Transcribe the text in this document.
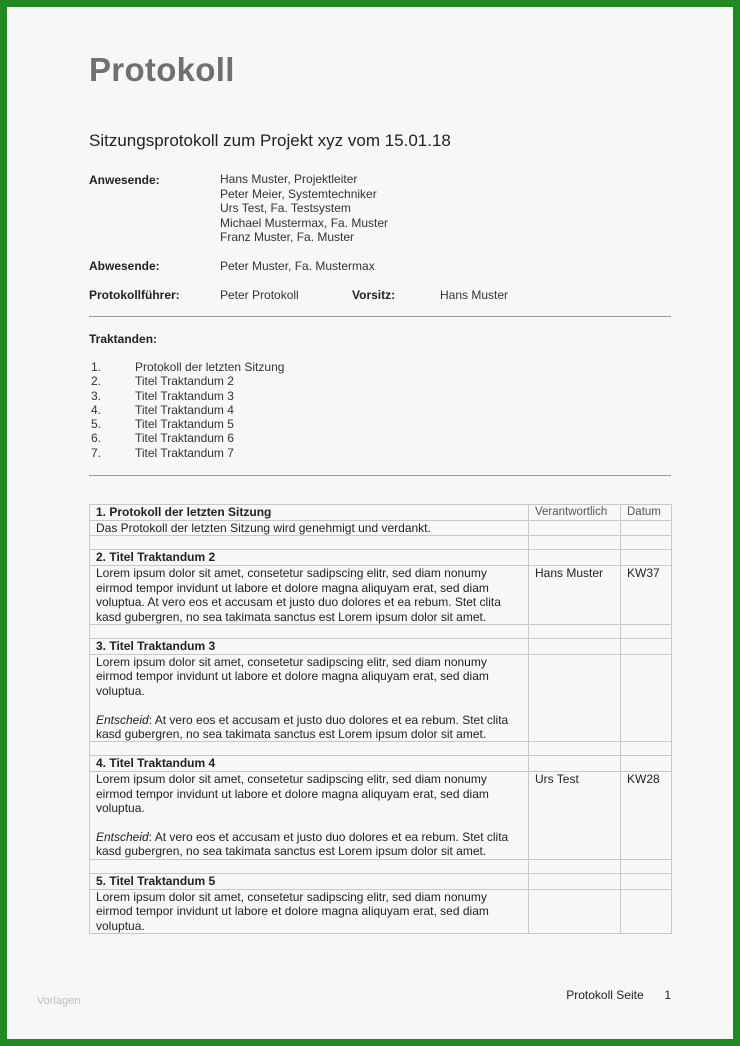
Protokoll
Sitzungsprotokoll zum Projekt xyz vom 15.01.18
Anwesende:	Hans Muster, Projektleiter
Peter Meier, Systemtechniker
Urs Test, Fa. Testsystem
Michael Mustermax, Fa. Muster
Franz Muster, Fa. Muster
Abwesende:	Peter Muster, Fa. Mustermax
Protokollführer:	Peter Protokoll	Vorsitz:	Hans Muster
Traktanden:
1.	Protokoll der letzten Sitzung
2.	Titel Traktandum 2
3.	Titel Traktandum 3
4.	Titel Traktandum 4
5.	Titel Traktandum 5
6.	Titel Traktandum 6
7.	Titel Traktandum 7
1. Protokoll der letzten Sitzung	Verantwortlich	Datum

Das Protokoll der letzten Sitzung wird genehmigt und verdankt.		

2. Titel Traktandum 2		

Lorem ipsum dolor sit amet, consetetur sadipscing elitr, sed diam nonumy eirmod tempor invidunt ut labore et dolore magna aliquyam erat, sed diam voluptua. At vero eos et accusam et justo duo dolores et ea rebum. Stet clita kasd gubergren, no sea takimata sanctus est Lorem ipsum dolor sit amet.	Hans Muster	KW37

3. Titel Traktandum 3		

Lorem ipsum dolor sit amet, consetetur sadipscing elitr, sed diam nonumy eirmod tempor invidunt ut labore et dolore magna aliquyam erat, sed diam voluptua.
Entscheid: At vero eos et accusam et justo duo dolores et ea rebum. Stet clita kasd gubergren, no sea takimata sanctus est Lorem ipsum dolor sit amet.		

4. Titel Traktandum 4		

Lorem ipsum dolor sit amet, consetetur sadipscing elitr, sed diam nonumy eirmod tempor invidunt ut labore et dolore magna aliquyam erat, sed diam voluptua.
Entscheid: At vero eos et accusam et justo duo dolores et ea rebum. Stet clita kasd gubergren, no sea takimata sanctus est Lorem ipsum dolor sit amet.	Urs Test	KW28

5. Titel Traktandum 5		

Lorem ipsum dolor sit amet, consetetur sadipscing elitr, sed diam nonumy eirmod tempor invidunt ut labore et dolore magna aliquyam erat, sed diam voluptua.		

Vorlagen	Protokoll Seite 1
